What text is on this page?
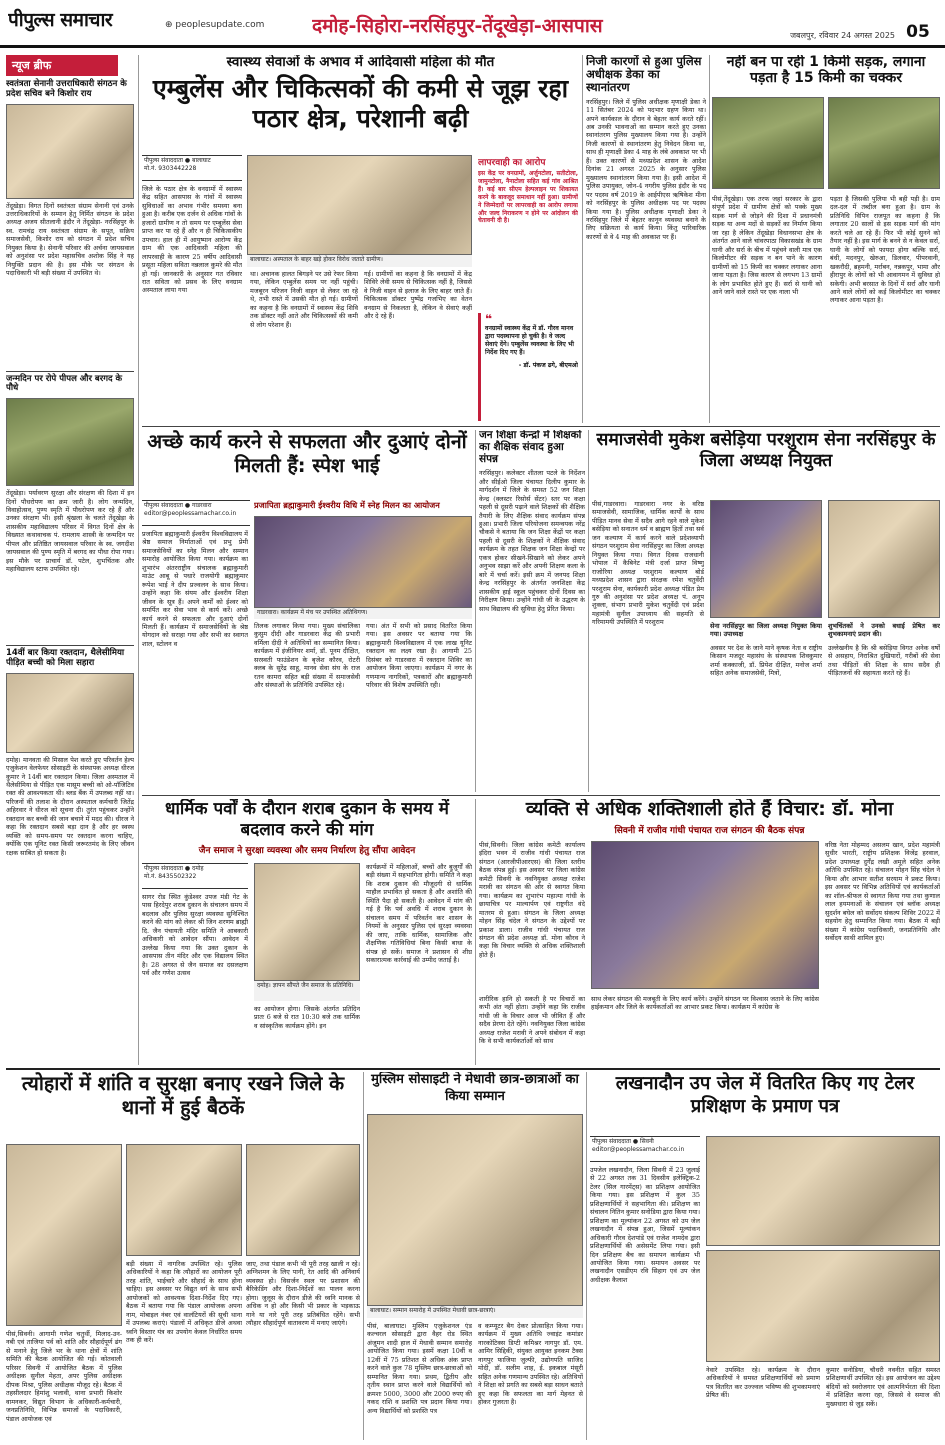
पीपुल्स समाचार	⊕ peoplesupdate.com	दमोह-सिहोरा-नरसिंहपुर-तेंदूखेड़ा-आसपास	जबलपुर, रविवार 24 अगस्त 2025 05
न्यूज ब्रीफ
स्वतंत्रता सेनानी उत्तराधिकारी संगठन के प्रदेश सचिव बने किशोर राय
तेंदूखेड़ा। विगत दिनों स्वतंत्रता संग्राम सेनानी एवं उनके उत्तराधिकारियों के सम्मान हेतु निर्मित संगठन के प्रदेश अध्यक्ष अजय सीतलानी इंदौर ने तेंदूखेड़ा- नरसिंहपुर के स्व. रामचंद्र राय स्वतंत्रता संग्राम के सपूत, सक्रिय समाजसेवी, किशोर राय को संगठन में प्रदेश सचिव नियुक्त किया है। सेनानी परिवार की अर्चना जायसवाल को अनुशंसा पर प्रदेश महासचिव अशोक सिंह ने यह नियुक्ति प्रदान की है। इस मौके पर संगठन के पदाधिकारी भी बड़ी संख्या में उपस्थित थे।
जन्मदिन पर रोपे पीपल और बरगद के पौधे
तेंदूखेड़ा। पर्यावरण सुरक्षा और संरक्षण की दिशा में इन दिनों पौधरोपण का क्रम जारी है। लोग जन्मदिन, विवाहोत्सव, पुण्य स्मृति में पौधरोपण कर रहे हैं और उनका संरक्षण भी। इसी श्रृंखला के चलते तेंदूखेड़ा के शासकीय महाविद्यालय परिसर में विगत दिनों क्षेत्र के विख्यात कथावाचक पं. रामलाय शास्त्री के जन्मदिन पर पीपल और प्रतिष्ठित जायसवाल परिवार के स्व. जगदीश जायसवाल की पुण्य स्मृति में बरगद का पौधा रोपा गया। इस मौके पर प्राचार्य डॉ. पटेल, शुभचिंतक और महाविद्यालय स्टाफ उपस्थित रहे।
14वीं बार किया रक्तदान, थैलेसीमिया पीड़ित बच्ची को मिला सहारा
दमोह। मानवता की मिसाल पेश करते हुए परिवर्तन हेल्प एजुकेशन वेलफेयर सोसाइटी के संस्थापक अध्यक्ष धीरज कुमार ने 14वीं बार रक्तदान किया। जिला अस्पताल में थैलेसीमिया से पीड़ित एक मासूम बच्ची को ओ-पॉजिटिव रक्त की आवश्यकता थी। ब्लड बैंक में उपलब्ध नहीं था। परिजनों की तलाश के दौरान अस्पताल कर्मचारी जितेंद्र अहिरवार ने धीरज को सूचना दी। तुरंत पहुंचकर उन्होंने रक्तदान कर बच्ची की जान बचाने में मदद की। धीरज ने कहा कि रक्तदान सबसे बड़ा दान है और हर स्वस्थ व्यक्ति को समय-समय पर रक्तदान करना चाहिए, क्योंकि एक यूनिट रक्त किसी जरूरतमंद के लिए जीवन रक्षक साबित हो सकता है।
स्वास्थ्य सेवाओं के अभाव में आदिवासी महिला की मौत
एम्बुलेंस और चिकित्सकों की कमी से जूझ रहा पठार क्षेत्र, परेशानी बढ़ी
पीपुल्स संवाददाता ● बालाघाट
मो.नं. 9303442228
बालाघाट। अस्पताल के बाहर खड़े होकर विरोध जताते ग्रामीण।
जिले के पठार क्षेत्र के वनग्रामों में स्वास्थ्य केंद्र सहित आसपास के गांवों में स्वास्थ्य सुविधाओं का अभाव गंभीर समस्या बना हुआ है। करीब एक दर्जन से अधिक गांवों के हजारों ग्रामीण न तो समय पर एम्बुलेंस सेवा प्राप्त कर पा रहे हैं और न ही चिकित्सकीय उपचार। हाल ही में आयुष्मान आरोग्य केंद्र ग्राम की एक आदिवासी महिला की लापरवाही के कारण 25 वर्षीय आदिवासी प्रसूता महिला सविता नन्नलाल कुमरे की मौत हो गई। जानकारी के अनुसार गत रविवार रात सविता को प्रसव के लिए वनग्राम अस्पताल लाया गया
था। अचानक हालत बिगड़ने पर उसे रेफर किया गया, लेकिन एम्बुलेंस समय पर नहीं पहुंची। मजबूरन परिजन निजी वाहन से लेकर जा रहे थे, तभी रास्ते में उसकी मौत हो गई। ग्रामीणों का कहना है कि वनग्रामों में स्वास्थ्य केंद्र शिवि तक डॉक्टर नहीं आते और चिकित्सकों की कमी से लोग परेशान हैं।
गई। ग्रामीणों का कहना है कि वनग्रामों में केंद्र शिविरे लेवी समय से चिकित्सक नहीं है, जिससे वे निजी वाहन से इलाज के लिए बाहर जाते हैं। चिकित्सक डॉक्टर पुष्पेंद्र गजभिए का वेतन वनग्राम से निकलता है, लेकिन वे सेवाएं कहीं और दे रहे हैं।
लापरवाही का आरोप
इस केंद्र पर वनग्रामों, अर्जुनटोला, सतीटोला, जामुनटोला, नैनाटोला सहित कई गांव आश्रित हैं। कई बार सीएम हेल्पलाइन पर शिकायत करने के बावजूद समाधान नहीं हुआ। ग्रामीणों ने जिम्मेदारों पर लापरवाही का आरोप लगाया और जल्द निराकरण न होने पर आंदोलन की चेतावनी दी है।
❝
वनग्रामों स्वास्थ्य केंद्र में डॉ. गौरव मानव द्वारा पदस्थापना हो चुकी है। वे जल्द सेवाएं देंगे। एम्बुलेंस व्यवस्था के लिए भी निर्देश दिए गए हैं।
- डॉ. पंकज ढगे, बीएमओ
निजी कारणों से हुआ पुलिस अधीक्षक डेका का स्थानांतरण
नरसिंहपुर। जिले में पुलिस अधीक्षक मृणाक्षी डेका ने 11 सितंबर 2024 को पदभार ग्रहण किया था। अपने कार्यकाल के दौरान वे बेहतर कार्य करते रहीं। अब उनकी भावनाओं का सम्मान करते हुए उनका स्थानांतरण पुलिस मुख्यालय किया गया है। उन्होंने निजी कारणों से स्थानांतरण हेतु निवेदन किया था, साथ ही मृणाक्षी डेका 4 माह के लंबे अवकाश पर भी हैं। उक्त कारणों से मध्यप्रदेश शासन के आदेश दिनांक 21 अगस्त 2025 के अनुसार पुलिस मुख्यालय स्थानांतरण किया गया है। इसी आदेश में पुलिस उपायुक्त, जोन-4 नगरीय पुलिस इंदौर के पद पर पदस्थ वर्ष 2019 के आईपीएस ऋषिकेश मीना को नरसिंहपुर के पुलिस अधीक्षक पद पर पदस्थ किया गया है। पुलिस अधीक्षक मृणाक्षी डेका ने नरसिंहपुर जिले में बेहतर कानून व्यवस्था बनाने के लिए सक्रियता से कार्य किया। किंतु पारिवारिक कारणों से वे 4 माह की अवकाश पर हैं।
नहीं बन पा रही 1 किमी सड़क, लगाना पड़ता है 15 किमी का चक्कर
पीसं,तेंदूखेड़ा। एक तरफ जहां सरकार के द्वारा संपूर्ण प्रदेश में ग्रामीण क्षेत्रों को पक्के मुख्य सड़क मार्ग से जोड़ने की दिशा में प्रधानमंत्री सड़क या अन्य मदों से सड़कों का निर्माण किया जा रहा है लेकिन तेंदूखेड़ा विधानसभा क्षेत्र के अंतर्गत आने वाले चांवरपाठा विकासखंड के ग्राम घानी और सर्रा के बीच में पहुंचने वाली मात्र एक किलोमीटर की सड़क न बन पाने के कारण ग्रामीणों को 15 किमी का चक्कर लगाकर आना जाना पड़ता है। जिस कारण से लगभग 13 ग्रामों के लोग प्रभावित होते हुए हैं। सर्रा से घानी को आने जाने वाले रास्ते पर एक नाला भी
पड़ता है जिसकी पुलिया भी बही पड़ी है। ग्राम दल-दल में तब्दील बना हुआ है। ग्राम के प्रतिनिधि विपिन राजपूत का कहना है कि लगातार 20 सालों से इस सड़क मार्ग की मांग करते चले आ रहे हैं। फिर भी कोई सुनने को तैयार नहीं है। इस मार्ग के बनने से न केवल सर्रा, घानी के लोगों को फायदा होगा बल्कि सर्रा, बंधी, मदनपुर, खेरुआ, डिलवार, पीपरवानी, खकरौदी, ब्रहमनी, मर्राबन, नन्नकपुर, भामा और हीरापुर के लोगों को भी आवागमन में सुविधा हो सकेगी। अभी बरसात के दिनों में सर्रा और घानी आने वाले लोगों को कई किलोमीटर का चक्कर लगाकर आना पड़ता है।
अच्छे कार्य करने से सफलता और दुआएं दोनों मिलती हैं: स्पेश भाई
पीपुल्स संवाददाता ● गाडरवारा
editor@peoplessamachar.co.in
प्रजापिता ब्रह्माकुमारी ईश्वरीय विधि में स्नेह मिलन का आयोजन
गाडरवारा। कार्यक्रम में मंच पर उपस्थित अतिथिगण।
प्रजापिता ब्रह्माकुमारी ईश्वरीय विश्वविद्यालय में श्रेष्ठ समाज निर्माताओं एवं प्रभु प्रेमी समाजसेवियों का स्नेह मिलन और सम्मान समारोह आयोजित किया गया। कार्यक्रम का शुभारंभ अंतरराष्ट्रीय संचालक ब्रह्माकुमारी माउंट आबू से पधारे राजयोगी ब्रह्माकुमार रूपेश भाई ने दीप प्रज्वलन के साथ किया। उन्होंने कहा कि संयम और ईश्वरीय शिक्षा जीवन के सूत्र हैं। अपने कर्मों को ईश्वर को समर्पित कर सेवा भाव से कार्य करें। अच्छे कार्य करने से सफलता और दुआएं दोनों मिलती हैं। कार्यक्रम में समाजसेवियों के श्रेष्ठ योगदान को सराहा गया और सभी का स्वागत शाल, स्टोलन व
तिलक लगाकर किया गया। मुख्य संचालिका कुसुम दीदी और गाडरवारा केंद्र की प्रभारी वर्मिला दीदी ने अतिथियों का सम्मानित किया। कार्यक्रम में इंजीनियर शर्मा, डॉ. पूनम दीक्षित, सरस्वती फाउंडेशन के बृजेश कौरव, रोटरी क्लब के सुरेंद्र साहू, मानव सेवा संघ के राज रतन कामरा सहित बड़ी संख्या में समाजसेवी और संस्थाओं के प्रतिनिधि उपस्थित रहे।
गया। अंत में सभी को प्रसाद वितरित किया गया। इस अवसर पर बताया गया कि ब्रह्माकुमारी विश्वविद्यालय में एक लाख यूनिट रक्तदान का लक्ष्य रखा है। आगामी 25 दिसंबर को गाडरवारा में रक्तदान शिविर का आयोजन किया जाएगा। कार्यक्रम में नगर के गणमान्य नागरिकों, पत्रकारों और ब्रह्माकुमारी परिवार की विशेष उपस्थिति रही।
जन शिक्षा केन्द्रों में शिक्षकों का शैक्षिक संवाद हुआ संपन्न
नरसिंहपुर। कलेक्टर शीतला पटले के निर्देशन और सीईओ जिला पंचायत दिलीप कुमार के मार्गदर्शन में जिले के समस्त 52 जन शिक्षा केन्द्र (क्लस्टर रिसोर्स सेंटर) स्तर पर कक्षा पहली से दूसरी पढ़ाने वाले शिक्षकों की शैक्षिक तैयारी के लिए शैक्षिक संवाद कार्यक्रम संपन्न हुआ। प्रभारी जिला परियोजना समन्वयक नरेंद्र चौकसे ने बताया कि जन शिक्षा केंद्रों पर कक्षा पहली से दूसरी के शिक्षकों ने शैक्षिक संवाद कार्यक्रम के तहत शिक्षक जन शिक्षा केन्द्रों पर एकत्र होकर सीखने-सिखाने को लेकर अपने अनुभव साझा करें और अपनी शिक्षण कला के बारे में चर्चा करें। इसी क्रम में जनपद शिक्षा केन्द्र नरसिंहपुर के अंतर्गत जनशिक्षा केंद्र शासकीय हाई स्कूल पहुंचकर दोनों दिवस का निरीक्षण किया। उन्होंने गांधी जी के उद्धरण के साथ विद्यालय की सुविधा हेतु प्रेरित किया।
समाजसेवी मुकेश बसेड़िया परशुराम सेना नरसिंहपुर के जिला अध्यक्ष नियुक्त
पीसं,गाडरवारा। गाडरवारा नगर के वरिष्ठ समाजसेवी, सामाजिक, धार्मिक कार्यों के साथ पीड़ित मानव सेवा में सदैव आगे रहने वाले मुकेश बसेड़िया को सनातन धर्म व ब्राह्मण हितों तथा सर्व जन कल्याण में कार्य करने वाले प्रदेशव्यापी संगठन परशुराम सेना नरसिंहपुर का जिला अध्यक्ष नियुक्त किया गया। विगत दिवस राजधानी भोपाल में कैबिनेट मंत्री दर्जा प्राप्त विष्णु राजोरिया अध्यक्ष परशुराम कल्याण बोर्ड मध्यप्रदेश शासन द्वारा संरक्षक रमेश चतुर्वेदी परशुराम सेना, कार्यकारी प्रदेश अध्यक्ष पंडित प्रेम गुरु की अनुशंसा पर प्रदेश अध्यक्ष पं. अनूप शुक्ला, संभाग प्रभारी मुकेश चतुर्वेदी एवं प्रदेश महामंत्री सुनील उपाध्याय की सहमति से गरिमामयी उपस्थिति में परशुराम	सेना नरसिंहपुर का जिला अध्यक्ष नियुक्त किया गया। उपाध्यक्ष
शुभचिंतकों ने उनको बधाई प्रेषित कर शुभकामनाएं प्रदान की।
अवसर पर देश के जाने माने कृषक नेता व राष्ट्रीय किसान मजदूर महासंघ के संस्थापक शिवकुमार शर्मा कक्काजी, डॉ. प्रियेश दीक्षित, मनोज शर्मा सहित अनेक समाजसेवी, मित्रों,
उल्लेखनीय है कि श्री बसेड़िया विगत अनेक वर्षों से असहाय, निराश्रित दुखियारों, गरीबों की सेवा तथा पीड़ितों की शिक्षा के साथ सदैव ही पीड़ितजनों की सहायता करते रहे हैं।
धार्मिक पर्वों के दौरान शराब दुकान के समय में बदलाव करने की मांग
जैन समाज ने सुरक्षा व्यवस्था और समय निर्धारण हेतु सौंपा आवेदन
पीपुल्स संवाददाता ● दमोह
मो.नं. 8435502322
सागर रोड स्थित कुंडेश्वर उपज मंडी गेट के पास हिरदेपुर शराब दुकान के संचालन समय में बदलाव और पुलिस सुरक्षा व्यवस्था सुनिश्चित करने की मांग को लेकर श्री जिन शरणम ब्राह्मी दि. जैन पंचायती मंदिर समिति ने आबकारी अधिकारी को आवेदन सौंपा। आवेदन में उल्लेख किया गया कि उक्त दुकान के आसपास तीन मंदिर और एक विद्यालय स्थित है। 28 अगस्त से जैन समाज का दसलक्षण पर्व और गणेश उत्सव
दमोह। ज्ञापन सौंपते जैन समाज के प्रतिनिधि।
का आयोजन होगा। जिसके अंतर्गत प्रतिदिन प्रातः 6 बजे से रात 10:30 बजे तक धार्मिक व सांस्कृतिक कार्यक्रम होंगे। इन
कार्यक्रमों में महिलाओं, बच्चों और बुजुर्गों की बड़ी संख्या में सहभागिता होगी। समिति ने कहा कि शराब दुकान की मौजूदगी से धार्मिक माहौल प्रभावित हो सकता है और अशांति की स्थिति पैदा हो सकती है। आवेदन में मांग की गई है कि पर्व अवधि में शराब दुकान के संचालन समय में परिवर्तन कर शासन के नियमों के अनुसार पुलिस एवं सुरक्षा व्यवस्था की जाए, ताकि धार्मिक, सामाजिक और शैक्षणिक गतिविधियां बिना किसी बाधा के संपन्न हो सकें। समाज ने प्रशासन से शीघ्र सकारात्मक कार्रवाई की उम्मीद जताई है।
व्यक्ति से अधिक शक्तिशाली होते हैं विचार: डॉ. मोना
सिवनी में राजीव गांधी पंचायत राज संगठन की बैठक संपन्न
पीसं,सिवनी। जिला कांग्रेस कमेटी कार्यालय इंदिरा भवन में राजीव गांधी पंचायत राज संगठन (आरजीपीआरएस) की जिला स्तरीय बैठक संपन्न हुई। इस अवसर पर जिला कांग्रेस कमेटी सिवनी के नवनियुक्त अध्यक्ष राजेश मरावी का संगठन की ओर से स्वागत किया गया। कार्यक्रम का शुभारंभ महात्मा गांधी के छायाचित्र पर माल्यार्पण एवं राष्ट्रगीत वंदे मातरम से हुआ। संगठन के जिला अध्यक्ष मोहन सिंह चंदेल ने संगठन के उद्देश्यों पर प्रकाश डाला। राजीव गांधी पंचायत राज संगठन की प्रदेश अध्यक्ष डॉ. मोना कौरव ने कहा कि विचार व्यक्ति से अधिक शक्तिशाली होते हैं।
शारीरिक हानि हो सकती है पर विचारों का कभी अंत नहीं होता। उन्होंने कहा कि राजीव गांधी जी के विचार आज भी जीवित हैं और सदैव प्रेरणा देते रहेंगे। नवनियुक्त जिला कांग्रेस अध्यक्ष राजेश मरावी ने अपने संबोधन में कहा कि वे सभी कार्यकर्ताओं को साथ
साथ लेकर संगठन की मजबूती के लिए कार्य करेंगे। उन्होंने संगठन पर विश्वास जताने के लिए कांग्रेस हाईकमान और जिले के कार्यकर्ताओं का आभार प्रकट किया। कार्यक्रम में कांग्रेस के
वरिष्ठ नेता मोहम्मद असलम खान, प्रदेश महामंत्री सुधीर भारती, राष्ट्रीय प्रशिक्षक विजेंद्र हरवाल, प्रदेश उपाध्यक्ष दुर्गेंद्र लखी अमूले सहित अनेक अतिथि उपस्थित रहे। संचालन मोहन सिंह चंदेल ने किया और आभार सतीश सरयाम ने प्रकट किया। इस अवसर पर विभिन्न अतिथियों एवं कार्यकर्ताओं का शॉल-श्रीफल से स्वागत किया गया तथा कुणाल लाल हयमनाओं के संचालन एवं ब्लॉक अध्यक्ष सुदर्शन बघेल को सर्वोदय संकल्प शिविर 2022 में सहयोग हेतु सम्मानित किया गया। बैठक में बड़ी संख्या में कांग्रेस पदाधिकारी, जनप्रतिनिधि और सर्वोदय साथी शामिल हुए।
त्योहारों में शांति व सुरक्षा बनाए रखने जिले के थानों में हुई बैठकें
पीसं,सिवनी। आगामी गणेश चतुर्थी, मिलाद-उन-नबी एवं ताजिया पर्व को शांति और सौहार्दपूर्ण ढंग से मनाने हेतु जिले भर के थाना क्षेत्रों में शांति समिति की बैठक आयोजित की गई। कोतवाली परिसर सिवनी में आयोजित बैठक में पुलिस अधीक्षक सुनील मेहता, अपर पुलिस अधीक्षक दीपक मिश्रा, पुलिस अधीक्षक मौजूद रहे। बैठक में तहसीलदार हिमांशु भलावी, थाना प्रभारी किशोर वामनकर, विद्युत विभाग के अधिकारी-कर्मचारी, जनप्रतिनिधि, विभिन्न समाजों के पदाधिकारी, पंडाल आयोजक एवं
बड़ी संख्या में नागरिक उपस्थित रहे। पुलिस अधिकारियों ने कहा कि त्यौहारों का आयोजन पूरी तरह शांति, भाईचारे और सौहार्द के साथ होना चाहिए। इस अवसर पर विद्युत वर्ग के साथ सभी आयोजकों को आवश्यक दिशा-निर्देश दिए गए। बैठक में बताया गया कि पंडाल आयोजक अपना नाम, मोबाइल नंबर एवं वालंटियरों की सूची थाना में उपलब्ध कराएं। पंडालों में अधिकृत डीजे अथवा ध्वनि विस्तार यंत्र का उपयोग केवल निर्धारित समय तक ही करें।
जाए, तथा पंडाल कभी भी पूरी तरह खाली न रहे। अग्निशमन के लिए पानी, रेत आदि की अनिवार्य व्यवस्था हो। विसर्जन स्थल पर प्रशासन की बैरिकेडिंग और दिशा-निर्देशों का पालन करना होगा। जुलूस के दौरान डीजे की ध्वनि मानक से अधिक न हो और किसी भी प्रकार के भड़काऊ गाने या नारे पूरी तरह प्रतिबंधित रहेंगे। सभी त्यौहार सौहार्दपूर्ण वातावरण में मनाए जाएंगे।
मुस्लिम सोसाइटी ने मेधावी छात्र-छात्राओं का किया सम्मान
बालाघाट। सम्मान समारोह में उपस्थित मेधावी छात्र-छात्राएं।
पीसं, बालाघाट। मुस्लिम एजुकेशनल एंड कल्चरल सोसाइटी द्वारा वैहर रोड स्थित अंजुमन शादी हाल में मेधावी सम्मान समारोह आयोजित किया गया। इसमें कक्षा 10वीं व 12वीं में 75 प्रतिशत से अधिक अंक प्राप्त करने वाले कुल 78 मुस्लिम छात्र-छात्राओं को सम्मानित किया गया। प्रथम, द्वितीय और तृतीय स्थान प्राप्त करने वाले विद्यार्थियों को क्रमशः 5000, 3000 और 2000 रुपए की नकद राशि व प्रशस्ति पत्र प्रदान किया गया। अन्य विद्यार्थियों को प्रशस्ति पत्र
व कम्प्यूटर बैग देकर प्रोत्साहित किया गया। कार्यक्रम में मुख्य अतिथि ज्वाइंट कमांडर नारकोटिक्स डिप्टी कमिश्नर नागपुर डॉ. एम. आमिर सिद्दिकी, संयुक्त आयुक्त इनकम टैक्स नागपुर फाजिया जुल्फी, उद्योगपति साजिद मोदी, डॉ. सलीम शाह, ई. इकबाल मंसूरी सहित अनेक गणमान्य उपस्थित रहे। अतिथियों ने शिक्षा को प्रगति का सबसे बड़ा साधन बताते हुए कहा कि सफलता का मार्ग मेहनत से होकर गुजरता है।
लखनादौन उप जेल में वितरित किए गए टेलर प्रशिक्षण के प्रमाण पत्र
पीपुल्स संवाददाता ● सिवनी
editor@peoplessamachar.co.in
उपजेल लखनादौन, जिला सिवनी में 23 जुलाई से 22 अगस्त तक 31 दिवसीय इलेक्ट्रिक-2 टेलर (सिल गारमेंट्स) का प्रशिक्षण आयोजित किया गया। इस प्रशिक्षण में कुल 35 प्रशिक्षणार्थियों ने सहभागिता की। प्रशिक्षण का संचालन नितिन कुमार सनोडिया द्वारा किया गया। प्रशिक्षण का मूल्यांकन 22 अगस्त को उप जेल लखनादौन में संपन्न हुआ, जिसमें मूल्यांकन अधिकारी गौरव देशपांडे एवं राजेश नामदेव द्वारा प्रशिक्षणार्थियों की असेसमेंट लिया गया। इसी दिन प्रशिक्षण बैच का समापन कार्यक्रम भी आयोजित किया गया। समापन अवसर पर लखनादौन एसडीएम रवि सिहाग एवं उप जेल अधीक्षक कैलाश
नेवारे उपस्थित रहे। कार्यक्रम के दौरान अधिकारियों ने समस्त प्रशिक्षणार्थियों को प्रमाण पत्र वितरित कर उज्ज्वल भविष्य की शुभकामनाएं प्रेषित कीं।
कुमार सनोडिया, चौधरी नवनीत सहित समस्त प्रशिक्षणार्थी उपस्थित रहे। इस आयोजन का उद्देश्य बंदियों को स्वरोजगार एवं आत्मनिर्भरता की दिशा में प्रशिक्षित करना रहा, जिससे वे समाज की मुख्यधारा से जुड़ सकें।
